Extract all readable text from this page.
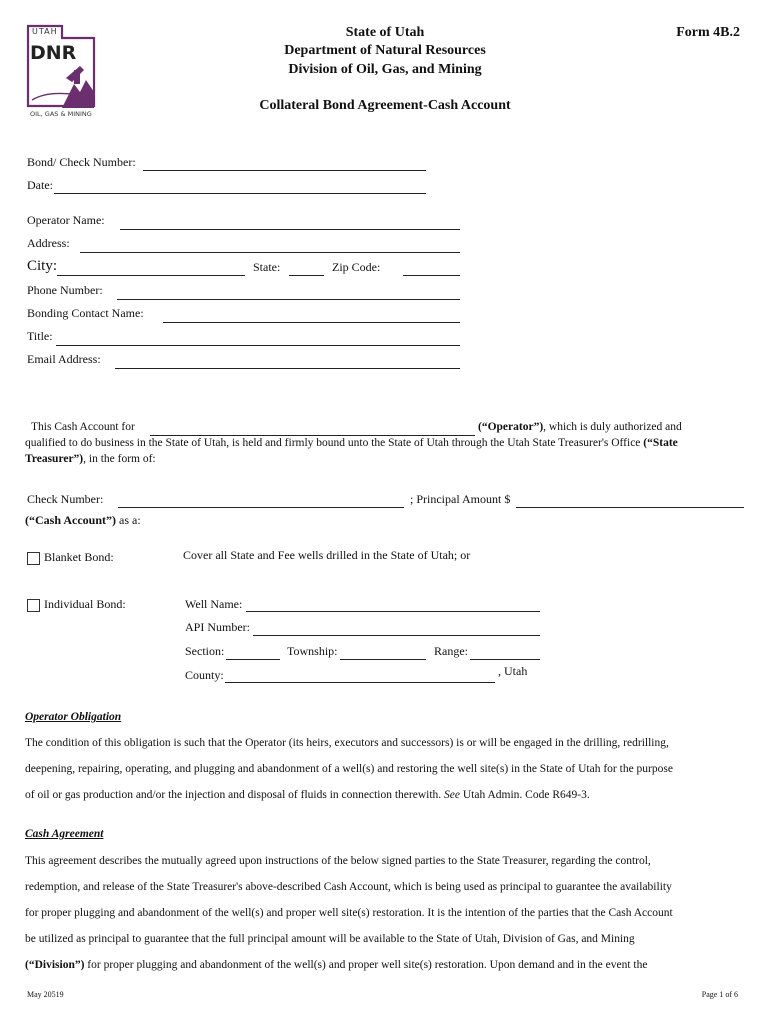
UTAH
DNR
OIL, GAS & MINING
State of Utah
Department of Natural Resources
Division of Oil, Gas, and Mining
Form 4B.2
Collateral Bond Agreement-Cash Account
Bond/ Check Number:
Date:
Operator Name:
Address:
City:	State:	Zip Code:
Phone Number:
Bonding Contact Name:
Title:
Email Address:
This Cash Account for	(“Operator”), which is duly authorized and
qualified to do business in the State of Utah, is held and firmly bound unto the State of Utah through the Utah State Treasurer's Office (“State
Treasurer”), in the form of:
Check Number:	; Principal Amount $
(“Cash Account”) as a:
Blanket Bond:	Cover all State and Fee wells drilled in the State of Utah; or
Individual Bond:	Well Name:
API Number:
Section:	Township:	Range:
County:	, Utah
Operator Obligation
The condition of this obligation is such that the Operator (its heirs, executors and successors) is or will be engaged in the drilling, redrilling,
deepening, repairing, operating, and plugging and abandonment of a well(s) and restoring the well site(s) in the State of Utah for the purpose
of oil or gas production and/or the injection and disposal of fluids in connection therewith. See Utah Admin. Code R649-3.
Cash Agreement
This agreement describes the mutually agreed upon instructions of the below signed parties to the State Treasurer, regarding the control,
redemption, and release of the State Treasurer's above-described Cash Account, which is being used as principal to guarantee the availability
for proper plugging and abandonment of the well(s) and proper well site(s) restoration. It is the intention of the parties that the Cash Account
be utilized as principal to guarantee that the full principal amount will be available to the State of Utah, Division of Gas, and Mining
(“Division”) for proper plugging and abandonment of the well(s) and proper well site(s) restoration. Upon demand and in the event the
May 20519	Page 1 of 6
